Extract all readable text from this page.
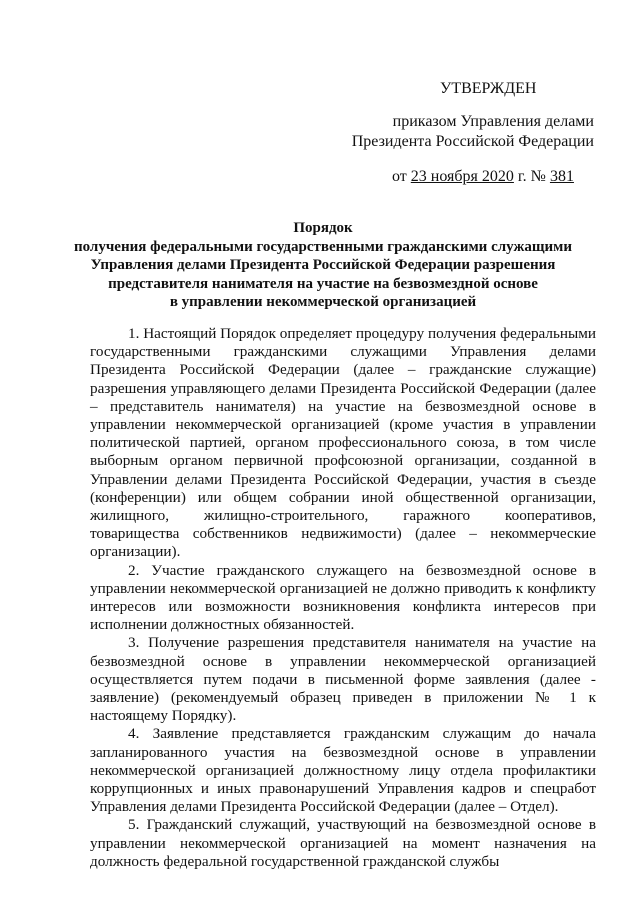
УТВЕРЖДЕН
приказом Управления делами
Президента Российской Федерации
от 23 ноября 2020 г. № 381
Порядок
получения федеральными государственными гражданскими служащими
Управления делами Президента Российской Федерации разрешения
представителя нанимателя на участие на безвозмездной основе
в управлении некоммерческой организацией

1. Настоящий Порядок определяет процедуру получения федеральными государственными гражданскими служащими Управления делами Президента Российской Федерации (далее – гражданские служащие) разрешения управляющего делами Президента Российской Федерации (далее – представитель нанимателя) на участие на безвозмездной основе в управлении некоммерческой организацией (кроме участия в управлении политической партией, органом профессионального союза, в том числе выборным органом первичной профсоюзной организации, созданной в Управлении делами Президента Российской Федерации, участия в съезде (конференции) или общем собрании иной общественной организации, жилищного, жилищно-строительного, гаражного кооперативов, товарищества собственников недвижимости) (далее – некоммерческие организации).

2. Участие гражданского служащего на безвозмездной основе в управлении некоммерческой организацией не должно приводить к конфликту интересов или возможности возникновения конфликта интересов при исполнении должностных обязанностей.

3. Получение разрешения представителя нанимателя на участие на безвозмездной основе в управлении некоммерческой организацией осуществляется путем подачи в письменной форме заявления (далее - заявление) (рекомендуемый образец приведен в приложении № 1 к настоящему Порядку).

4. Заявление представляется гражданским служащим до начала запланированного участия на безвозмездной основе в управлении некоммерческой организацией должностному лицу отдела профилактики коррупционных и иных правонарушений Управления кадров и спецработ Управления делами Президента Российской Федерации (далее – Отдел).

5. Гражданский служащий, участвующий на безвозмездной основе в управлении некоммерческой организацией на момент назначения на должность федеральной государственной гражданской службы
